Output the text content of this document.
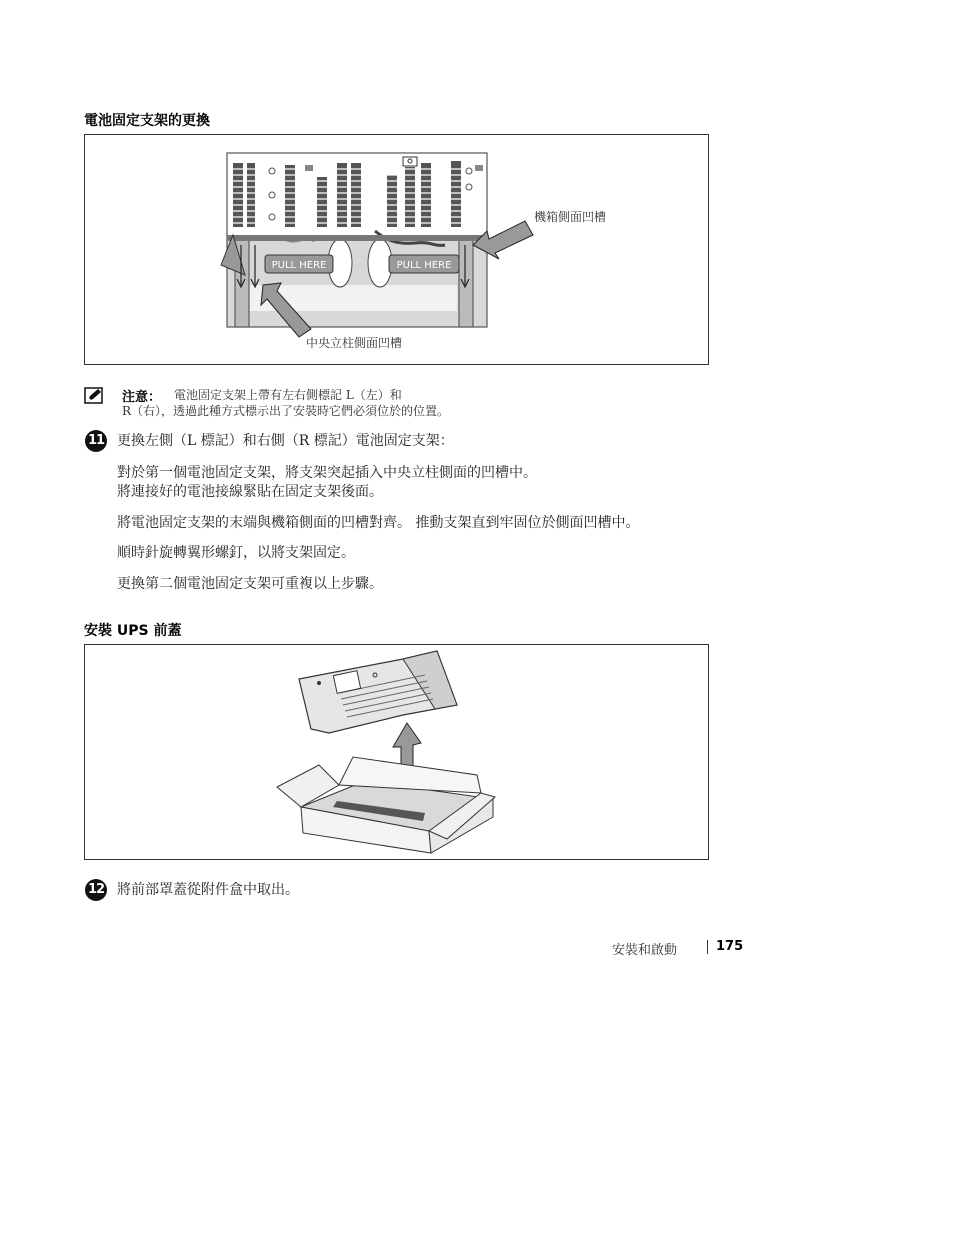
電池固定支架的更換
PULL HERE	PULL HERE
機箱側面凹槽
中央立柱側面凹槽
注意： 電池固定支架上帶有左右側標記 L（左）和
R（右），透過此種方式標示出了安裝時它們必須位於的位置。
11 更換左側（L 標記）和右側（R 標記）電池固定支架：
對於第一個電池固定支架，將支架突起插入中央立柱側面的凹槽中。
將連接好的電池接線緊貼在固定支架後面。
將電池固定支架的末端與機箱側面的凹槽對齊。 推動支架直到牢固位於側面凹槽中。
順時針旋轉翼形螺釘，以將支架固定。
更換第二個電池固定支架可重複以上步驟。
安裝 UPS 前蓋
12 將前部罩蓋從附件盒中取出。
安裝和啟動	175
